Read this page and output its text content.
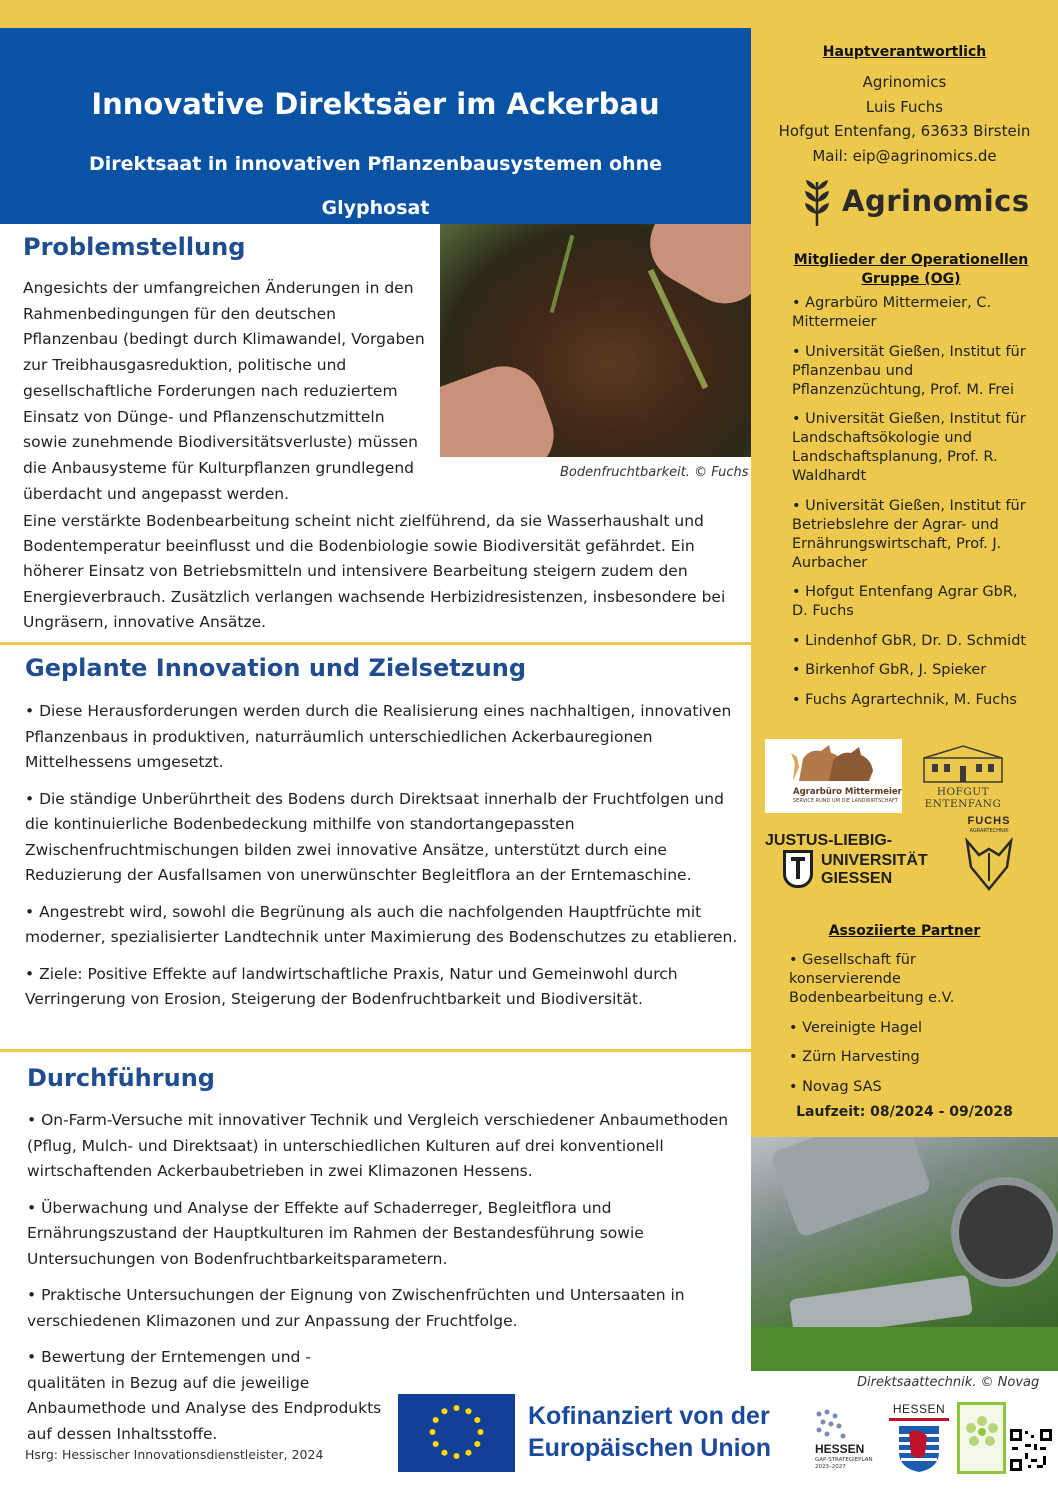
Innovative Direktsäer im Ackerbau
Direktsaat in innovativen Pflanzenbausystemen ohne Glyphosat
Problemstellung
Angesichts der umfangreichen Änderungen in den Rahmenbedingungen für den deutschen Pflanzenbau (bedingt durch Klimawandel, Vorgaben zur Treibhausgasreduktion, politische und gesellschaftliche Forderungen nach reduziertem Einsatz von Dünge- und Pflanzenschutzmitteln sowie zunehmende Biodiversitätsverluste) müssen die Anbausysteme für Kulturpflanzen grundlegend überdacht und angepasst werden.
Bodenfruchtbarkeit. © Fuchs
Eine verstärkte Bodenbearbeitung scheint nicht zielführend, da sie Wasserhaushalt und Bodentemperatur beeinflusst und die Bodenbiologie sowie Biodiversität gefährdet. Ein höherer Einsatz von Betriebsmitteln und intensivere Bearbeitung steigern zudem den Energieverbrauch. Zusätzlich verlangen wachsende Herbizidresistenzen, insbesondere bei Ungräsern, innovative Ansätze.
Geplante Innovation und Zielsetzung
• Diese Herausforderungen werden durch die Realisierung eines nachhaltigen, innovativen Pflanzenbaus in produktiven, naturräumlich unterschiedlichen Ackerbauregionen Mittelhessens umgesetzt.
• Die ständige Unberührtheit des Bodens durch Direktsaat innerhalb der Fruchtfolgen und die kontinuierliche Bodenbedeckung mithilfe von standortangepassten Zwischenfruchtmischungen bilden zwei innovative Ansätze, unterstützt durch eine Reduzierung der Ausfallsamen von unerwünschter Begleitflora an der Erntemaschine.
• Angestrebt wird, sowohl die Begrünung als auch die nachfolgenden Hauptfrüchte mit moderner, spezialisierter Landtechnik unter Maximierung des Bodenschutzes zu etablieren.
• Ziele: Positive Effekte auf landwirtschaftliche Praxis, Natur und Gemeinwohl durch Verringerung von Erosion, Steigerung der Bodenfruchtbarkeit und Biodiversität.
Durchführung
• On-Farm-Versuche mit innovativer Technik und Vergleich verschiedener Anbaumethoden (Pflug, Mulch- und Direktsaat) in unterschiedlichen Kulturen auf drei konventionell wirtschaftenden Ackerbaubetrieben in zwei Klimazonen Hessens.
• Überwachung und Analyse der Effekte auf Schaderreger, Begleitflora und Ernährungszustand der Hauptkulturen im Rahmen der Bestandesführung sowie Untersuchungen von Bodenfruchtbarkeitsparametern.
• Praktische Untersuchungen der Eignung von Zwischenfrüchten und Untersaaten in verschiedenen Klimazonen und zur Anpassung der Fruchtfolge.
• Bewertung der Erntemengen und -qualitäten in Bezug auf die jeweilige Anbaumethode und Analyse des Endprodukts auf dessen Inhaltsstoffe.
Hauptverantwortlich
Agrinomics
Luis Fuchs
Hofgut Entenfang, 63633 Birstein
Mail: eip@agrinomics.de
Agrinomics
Mitglieder der Operationellen Gruppe (OG)
• Agrarbüro Mittermeier, C. Mittermeier
• Universität Gießen, Institut für Pflanzenbau und Pflanzenzüchtung, Prof. M. Frei
• Universität Gießen, Institut für Landschaftsökologie und Landschaftsplanung, Prof. R. Waldhardt
• Universität Gießen, Institut für Betriebslehre der Agrar- und Ernährungswirtschaft, Prof. J. Aurbacher
• Hofgut Entenfang Agrar GbR, D. Fuchs
• Lindenhof GbR, Dr. D. Schmidt
• Birkenhof GbR, J. Spieker
• Fuchs Agrartechnik, M. Fuchs
Agrarbüro Mittermeier
SERVICE RUND UM DIE LANDWIRTSCHAFT
HOFGUT ENTENFANG
JUSTUS-LIEBIG-
UNIVERSITÄT
GIESSEN
FUCHS
AGRARTECHNIK
Assoziierte Partner
• Gesellschaft für konservierende Bodenbearbeitung e.V.
• Vereinigte Hagel
• Zürn Harvesting
• Novag SAS
Laufzeit: 08/2024 - 09/2028
Direktsaattechnik. © Novag
Kofinanziert von der
Europäischen Union	HESSEN
GAP-STRATEGIEPLAN 2023–2027
HESSEN
Hsrg: Hessischer Innovationsdienstleister, 2024
